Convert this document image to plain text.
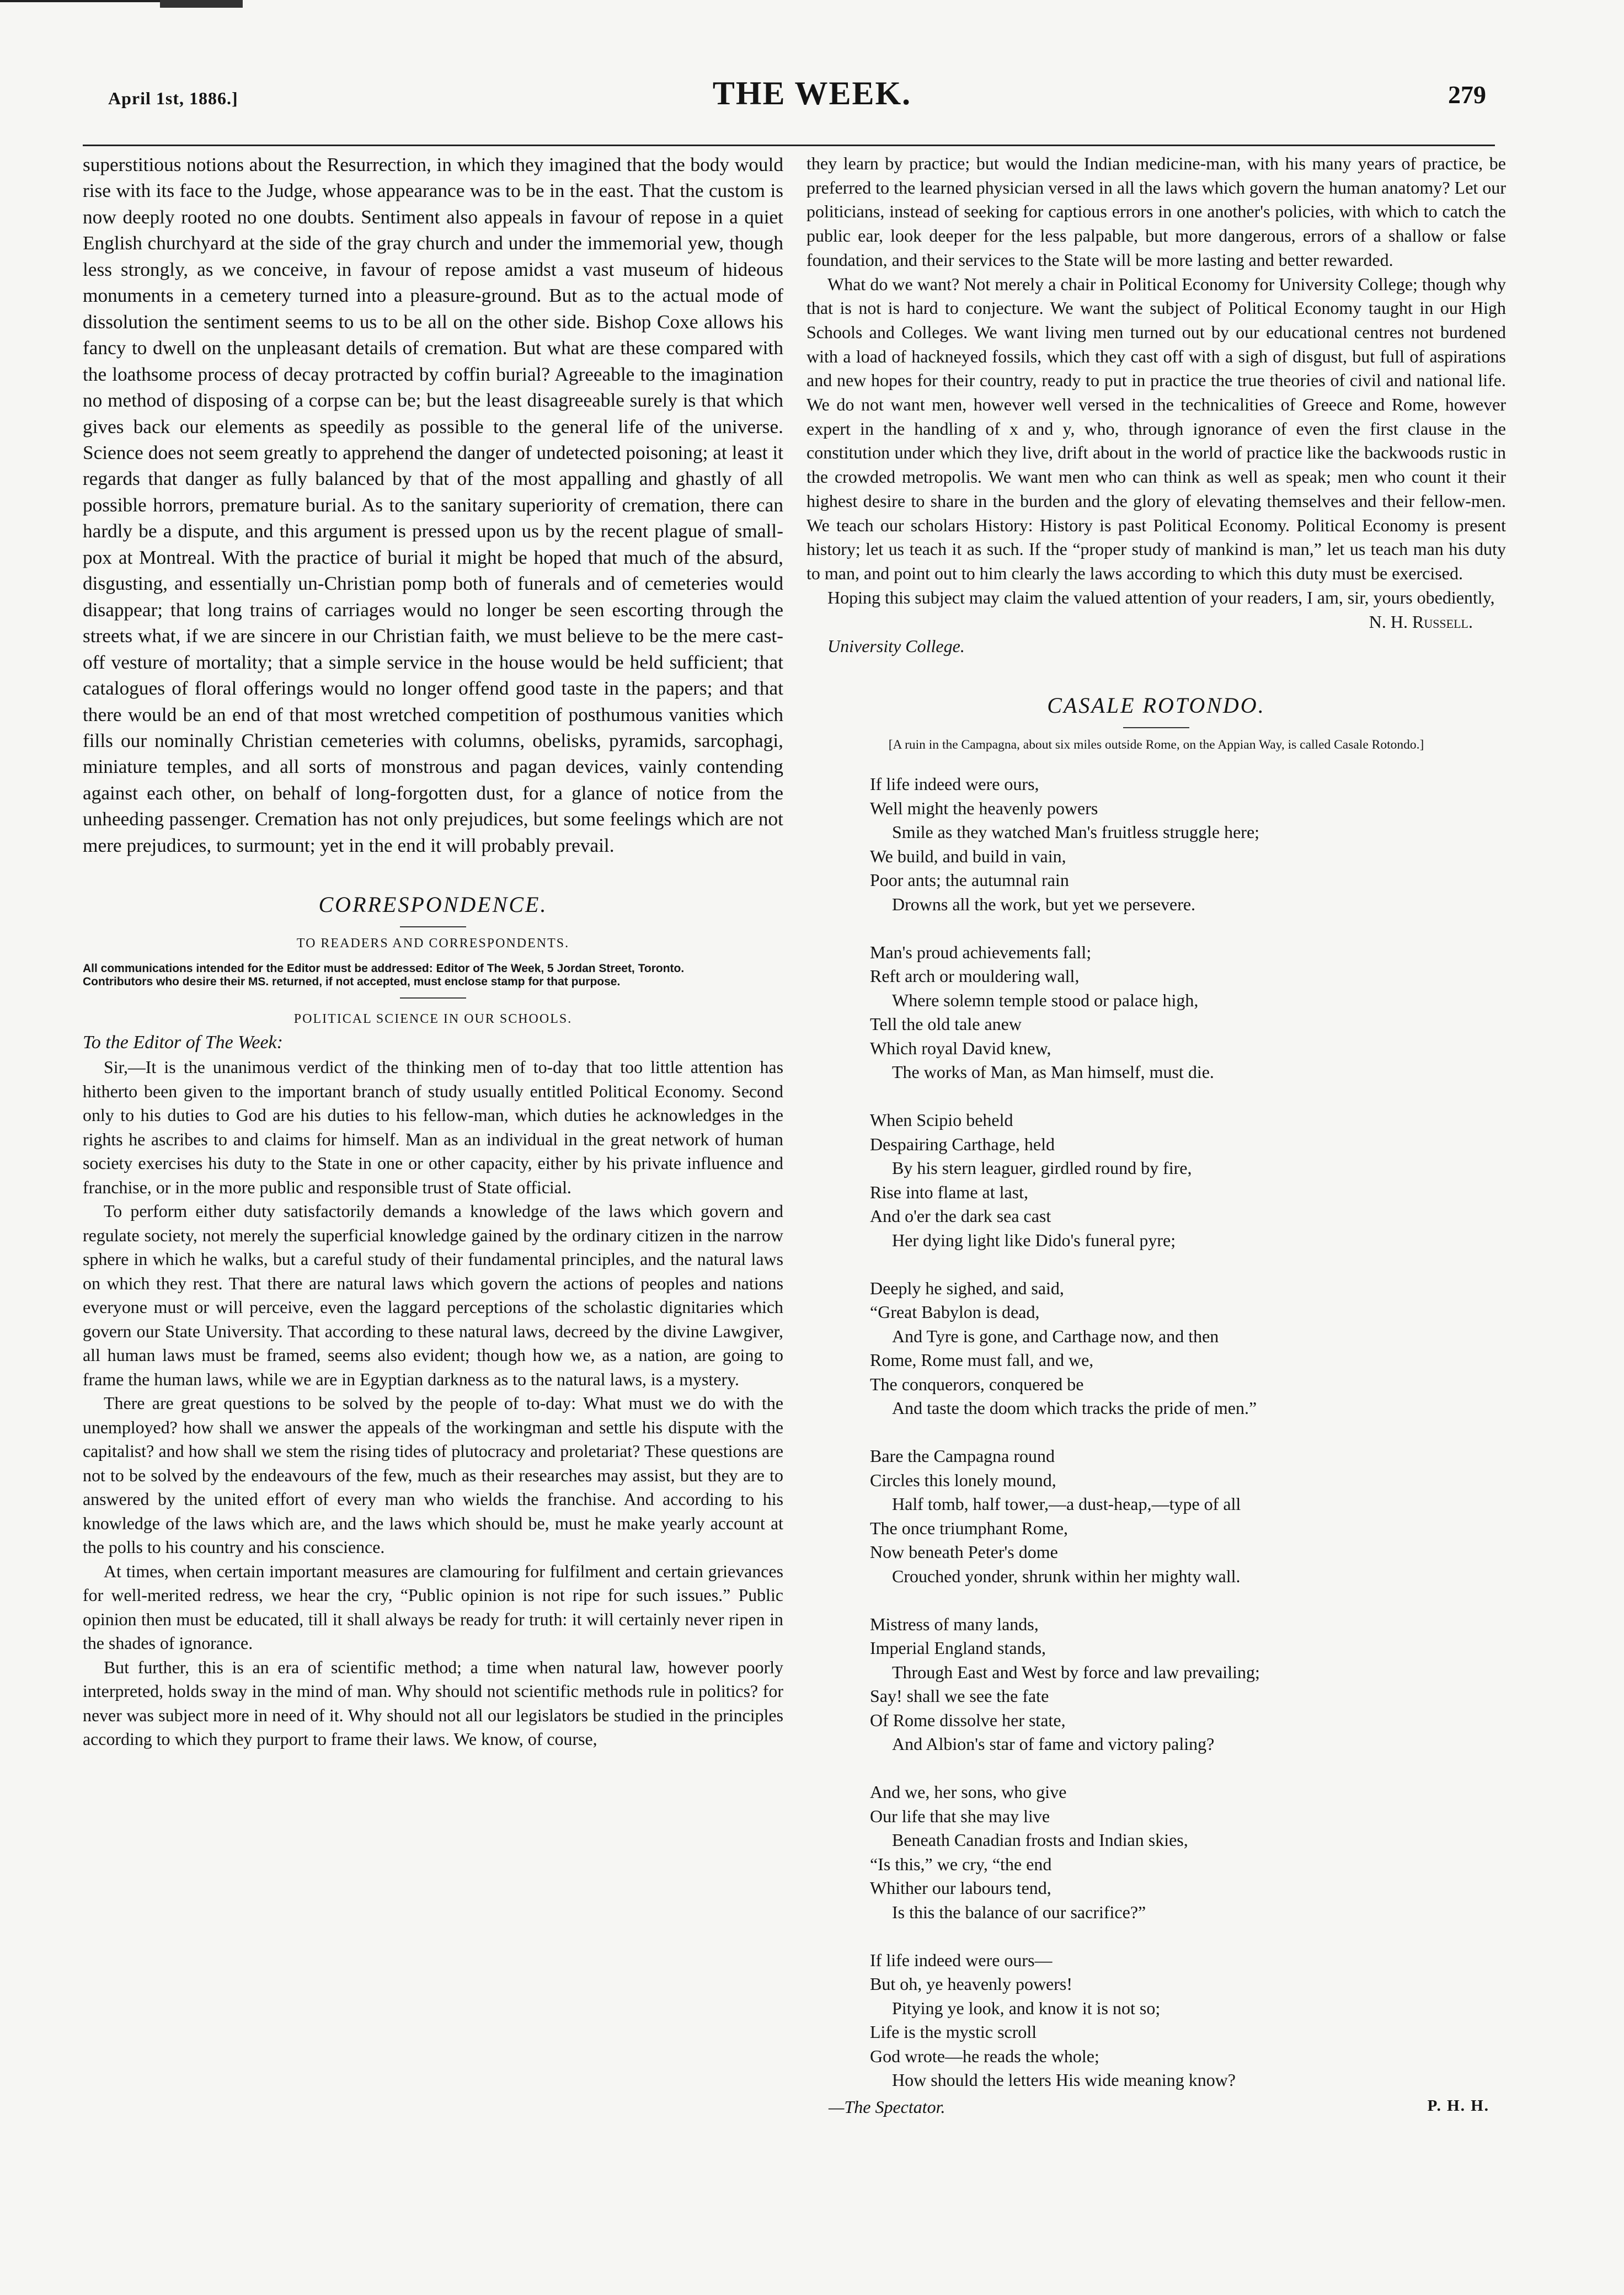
April 1st, 1886.]	THE WEEK.	279

superstitious notions about the Resurrection, in which they imagined that the body would rise with its face to the Judge, whose appearance was to be in the east. That the custom is now deeply rooted no one doubts. Sentiment also appeals in favour of repose in a quiet English churchyard at the side of the gray church and under the immemorial yew, though less strongly, as we conceive, in favour of repose amidst a vast museum of hideous monuments in a cemetery turned into a pleasure-ground. But as to the actual mode of dissolution the sentiment seems to us to be all on the other side. Bishop Coxe allows his fancy to dwell on the unpleasant details of cremation. But what are these compared with the loathsome process of decay protracted by coffin burial? Agreeable to the imagination no method of disposing of a corpse can be; but the least disagreeable surely is that which gives back our elements as speedily as possible to the general life of the universe. Science does not seem greatly to apprehend the danger of undetected poisoning; at least it regards that danger as fully balanced by that of the most appalling and ghastly of all possible horrors, premature burial. As to the sanitary superiority of cremation, there can hardly be a dispute, and this argument is pressed upon us by the recent plague of small-pox at Montreal. With the practice of burial it might be hoped that much of the absurd, disgusting, and essentially un-Christian pomp both of funerals and of cemeteries would disappear; that long trains of carriages would no longer be seen escorting through the streets what, if we are sincere in our Christian faith, we must believe to be the mere cast-off vesture of mortality; that a simple service in the house would be held sufficient; that catalogues of floral offerings would no longer offend good taste in the papers; and that there would be an end of that most wretched competition of posthumous vanities which fills our nominally Christian cemeteries with columns, obelisks, pyramids, sarcophagi, miniature temples, and all sorts of monstrous and pagan devices, vainly contending against each other, on behalf of long-forgotten dust, for a glance of notice from the unheeding passenger. Cremation has not only prejudices, but some feelings which are not mere prejudices, to surmount; yet in the end it will probably prevail.

CORRESPONDENCE.
TO READERS AND CORRESPONDENTS.

All communications intended for the Editor must be addressed: Editor of The Week, 5 Jordan Street, Toronto.

Contributors who desire their MS. returned, if not accepted, must enclose stamp for that purpose.

POLITICAL SCIENCE IN OUR SCHOOLS.
To the Editor of The Week:

Sir,—It is the unanimous verdict of the thinking men of to-day that too little attention has hitherto been given to the important branch of study usually entitled Political Economy. Second only to his duties to God are his duties to his fellow-man, which duties he acknowledges in the rights he ascribes to and claims for himself. Man as an individual in the great network of human society exercises his duty to the State in one or other capacity, either by his private influence and franchise, or in the more public and responsible trust of State official.

To perform either duty satisfactorily demands a knowledge of the laws which govern and regulate society, not merely the superficial knowledge gained by the ordinary citizen in the narrow sphere in which he walks, but a careful study of their fundamental principles, and the natural laws on which they rest. That there are natural laws which govern the actions of peoples and nations everyone must or will perceive, even the laggard perceptions of the scholastic dignitaries which govern our State University. That according to these natural laws, decreed by the divine Lawgiver, all human laws must be framed, seems also evident; though how we, as a nation, are going to frame the human laws, while we are in Egyptian darkness as to the natural laws, is a mystery.

There are great questions to be solved by the people of to-day: What must we do with the unemployed? how shall we answer the appeals of the workingman and settle his dispute with the capitalist? and how shall we stem the rising tides of plutocracy and proletariat? These questions are not to be solved by the endeavours of the few, much as their researches may assist, but they are to answered by the united effort of every man who wields the franchise. And according to his knowledge of the laws which are, and the laws which should be, must he make yearly account at the polls to his country and his conscience.

At times, when certain important measures are clamouring for fulfilment and certain grievances for well-merited redress, we hear the cry, “Public opinion is not ripe for such issues.” Public opinion then must be educated, till it shall always be ready for truth: it will certainly never ripen in the shades of ignorance.

But further, this is an era of scientific method; a time when natural law, however poorly interpreted, holds sway in the mind of man. Why should not scientific methods rule in politics? for never was subject more in need of it. Why should not all our legislators be studied in the principles according to which they purport to frame their laws. We know, of course,

they learn by practice; but would the Indian medicine-man, with his many years of practice, be preferred to the learned physician versed in all the laws which govern the human anatomy? Let our politicians, instead of seeking for captious errors in one another's policies, with which to catch the public ear, look deeper for the less palpable, but more dangerous, errors of a shallow or false foundation, and their services to the State will be more lasting and better rewarded.

What do we want? Not merely a chair in Political Economy for University College; though why that is not is hard to conjecture. We want the subject of Political Economy taught in our High Schools and Colleges. We want living men turned out by our educational centres not burdened with a load of hackneyed fossils, which they cast off with a sigh of disgust, but full of aspirations and new hopes for their country, ready to put in practice the true theories of civil and national life. We do not want men, however well versed in the technicalities of Greece and Rome, however expert in the handling of x and y, who, through ignorance of even the first clause in the constitution under which they live, drift about in the world of practice like the backwoods rustic in the crowded metropolis. We want men who can think as well as speak; men who count it their highest desire to share in the burden and the glory of elevating themselves and their fellow-men. We teach our scholars History: History is past Political Economy. Political Economy is present history; let us teach it as such. If the “proper study of mankind is man,” let us teach man his duty to man, and point out to him clearly the laws according to which this duty must be exercised.

Hoping this subject may claim the valued attention of your readers, I am, sir, yours obediently,

N. H. Russell.
University College.
CASALE ROTONDO.
[A ruin in the Campagna, about six miles outside Rome, on the Appian Way, is called Casale Rotondo.]
If life indeed were ours,
Well might the heavenly powers
Smile as they watched Man's fruitless struggle here;
We build, and build in vain,
Poor ants; the autumnal rain
Drowns all the work, but yet we persevere.
Man's proud achievements fall;
Reft arch or mouldering wall,
Where solemn temple stood or palace high,
Tell the old tale anew
Which royal David knew,
The works of Man, as Man himself, must die.
When Scipio beheld
Despairing Carthage, held
By his stern leaguer, girdled round by fire,
Rise into flame at last,
And o'er the dark sea cast
Her dying light like Dido's funeral pyre;
Deeply he sighed, and said,
“Great Babylon is dead,
And Tyre is gone, and Carthage now, and then
Rome, Rome must fall, and we,
The conquerors, conquered be
And taste the doom which tracks the pride of men.”
Bare the Campagna round
Circles this lonely mound,
Half tomb, half tower,—a dust-heap,—type of all
The once triumphant Rome,
Now beneath Peter's dome
Crouched yonder, shrunk within her mighty wall.
Mistress of many lands,
Imperial England stands,
Through East and West by force and law prevailing;
Say! shall we see the fate
Of Rome dissolve her state,
And Albion's star of fame and victory paling?
And we, her sons, who give
Our life that she may live
Beneath Canadian frosts and Indian skies,
“Is this,” we cry, “the end
Whither our labours tend,
Is this the balance of our sacrifice?”
If life indeed were ours—
But oh, ye heavenly powers!
Pitying ye look, and know it is not so;
Life is the mystic scroll
God wrote—he reads the whole;
How should the letters His wide meaning know?
—The Spectator.	P. H. H.
